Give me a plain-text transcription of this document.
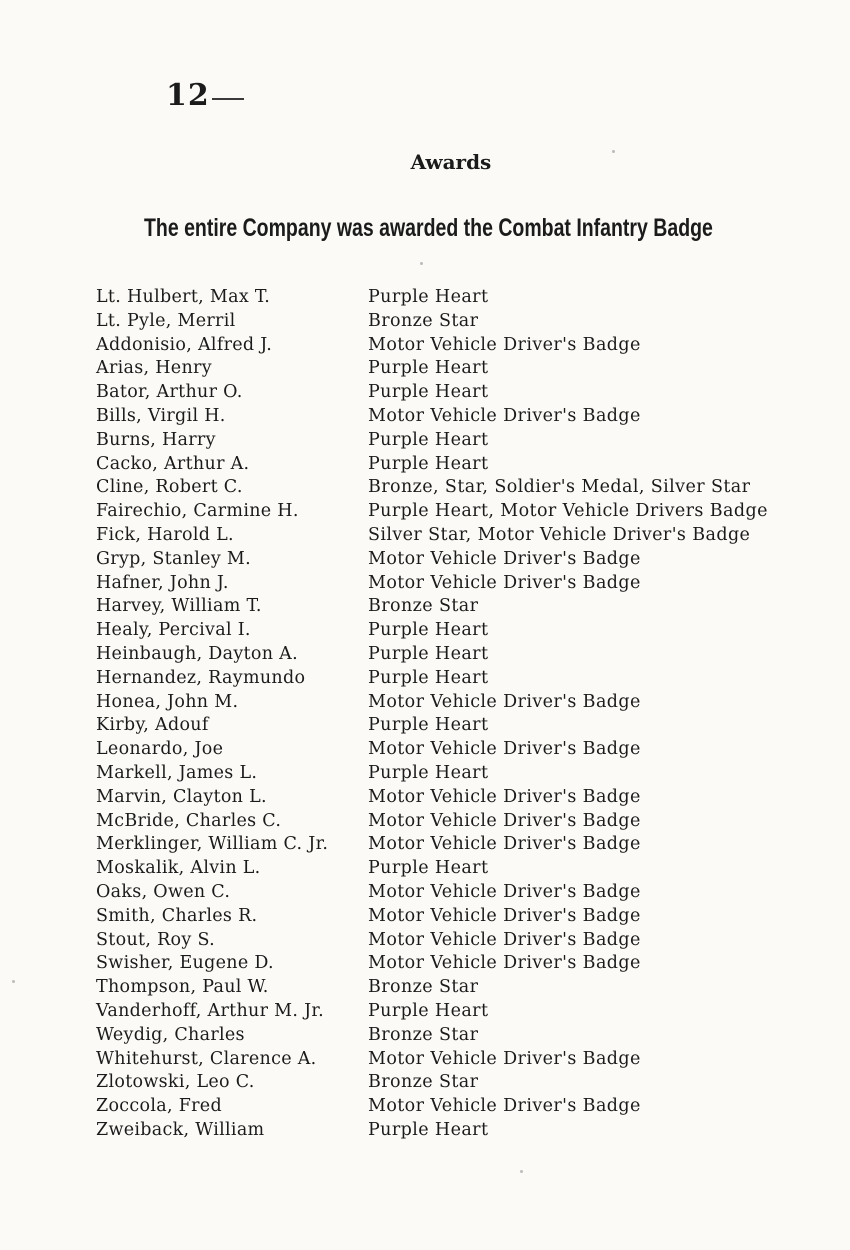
12
Awards
The entire Company was awarded the Combat Infantry Badge
Lt. Hulbert, Max T.	Purple Heart
Lt. Pyle, Merril	Bronze Star
Addonisio, Alfred J.	Motor Vehicle Driver's Badge
Arias, Henry	Purple Heart
Bator, Arthur O.	Purple Heart
Bills, Virgil H.	Motor Vehicle Driver's Badge
Burns, Harry	Purple Heart
Cacko, Arthur A.	Purple Heart
Cline, Robert C.	Bronze, Star, Soldier's Medal, Silver Star
Fairechio, Carmine H.	Purple Heart, Motor Vehicle Drivers Badge
Fick, Harold L.	Silver Star, Motor Vehicle Driver's Badge
Gryp, Stanley M.	Motor Vehicle Driver's Badge
Hafner, John J.	Motor Vehicle Driver's Badge
Harvey, William T.	Bronze Star
Healy, Percival I.	Purple Heart
Heinbaugh, Dayton A.	Purple Heart
Hernandez, Raymundo	Purple Heart
Honea, John M.	Motor Vehicle Driver's Badge
Kirby, Adouf	Purple Heart
Leonardo, Joe	Motor Vehicle Driver's Badge
Markell, James L.	Purple Heart
Marvin, Clayton L.	Motor Vehicle Driver's Badge
McBride, Charles C.	Motor Vehicle Driver's Badge
Merklinger, William C. Jr.	Motor Vehicle Driver's Badge
Moskalik, Alvin L.	Purple Heart
Oaks, Owen C.	Motor Vehicle Driver's Badge
Smith, Charles R.	Motor Vehicle Driver's Badge
Stout, Roy S.	Motor Vehicle Driver's Badge
Swisher, Eugene D.	Motor Vehicle Driver's Badge
Thompson, Paul W.	Bronze Star
Vanderhoff, Arthur M. Jr.	Purple Heart
Weydig, Charles	Bronze Star
Whitehurst, Clarence A.	Motor Vehicle Driver's Badge
Zlotowski, Leo C.	Bronze Star
Zoccola, Fred	Motor Vehicle Driver's Badge
Zweiback, William	Purple Heart
